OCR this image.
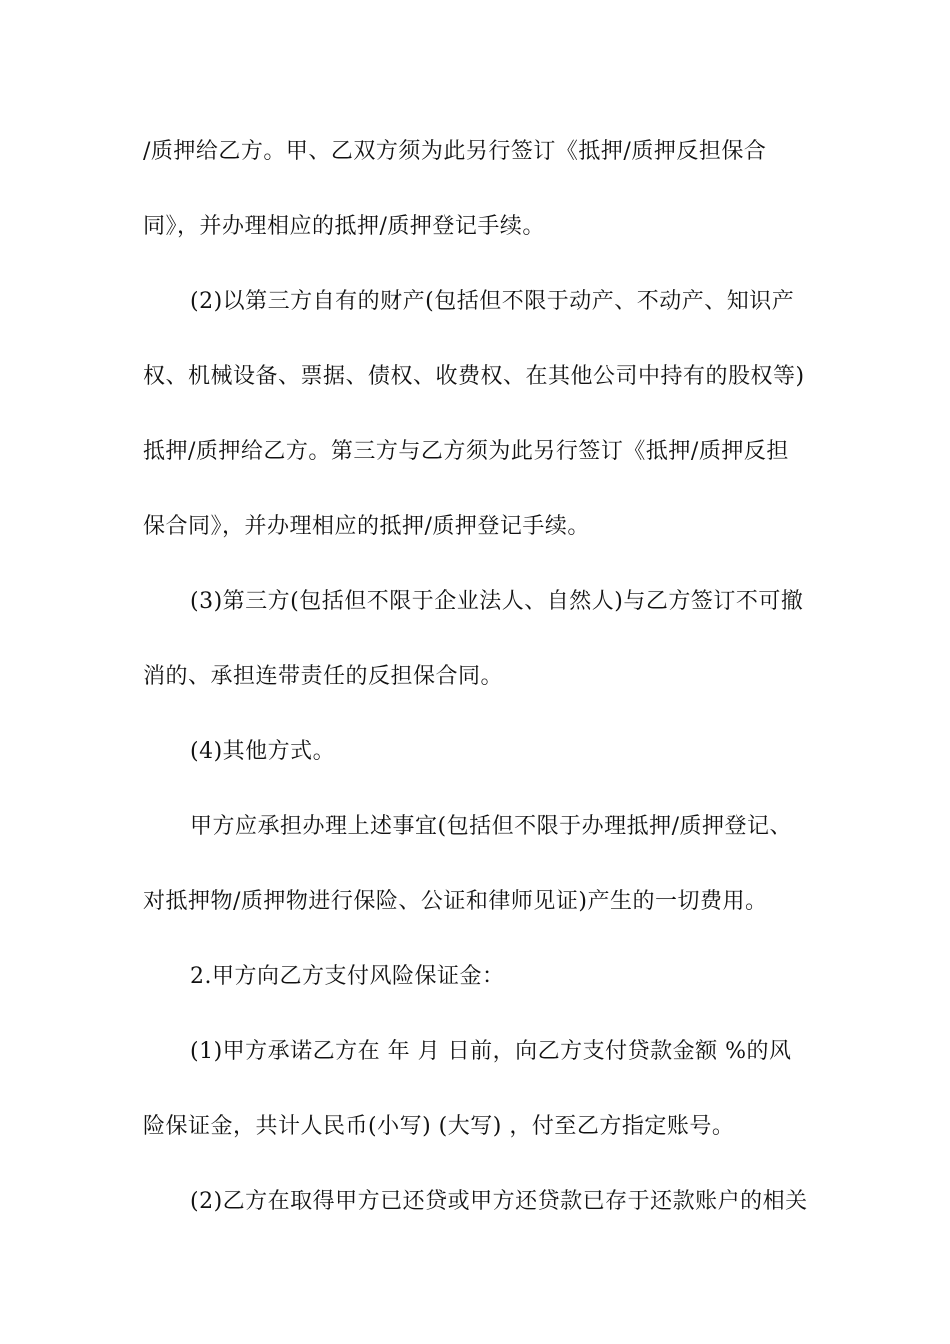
/质押给乙方。甲、乙双方须为此另行签订《抵押/质押反担保合
同》，并办理相应的抵押/质押登记手续。
(2)以第三方自有的财产(包括但不限于动产、不动产、知识产
权、机械设备、票据、债权、收费权、在其他公司中持有的股权等)
抵押/质押给乙方。第三方与乙方须为此另行签订《抵押/质押反担
保合同》，并办理相应的抵押/质押登记手续。
(3)第三方(包括但不限于企业法人、自然人)与乙方签订不可撤
消的、承担连带责任的反担保合同。
(4)其他方式。
甲方应承担办理上述事宜(包括但不限于办理抵押/质押登记、
对抵押物/质押物进行保险、公证和律师见证)产生的一切费用。
2.甲方向乙方支付风险保证金：
(1)甲方承诺乙方在 年 月 日前，向乙方支付贷款金额 %的风
险保证金，共计人民币(小写) (大写) ，付至乙方指定账号。
(2)乙方在取得甲方已还贷或甲方还贷款已存于还款账户的相关
